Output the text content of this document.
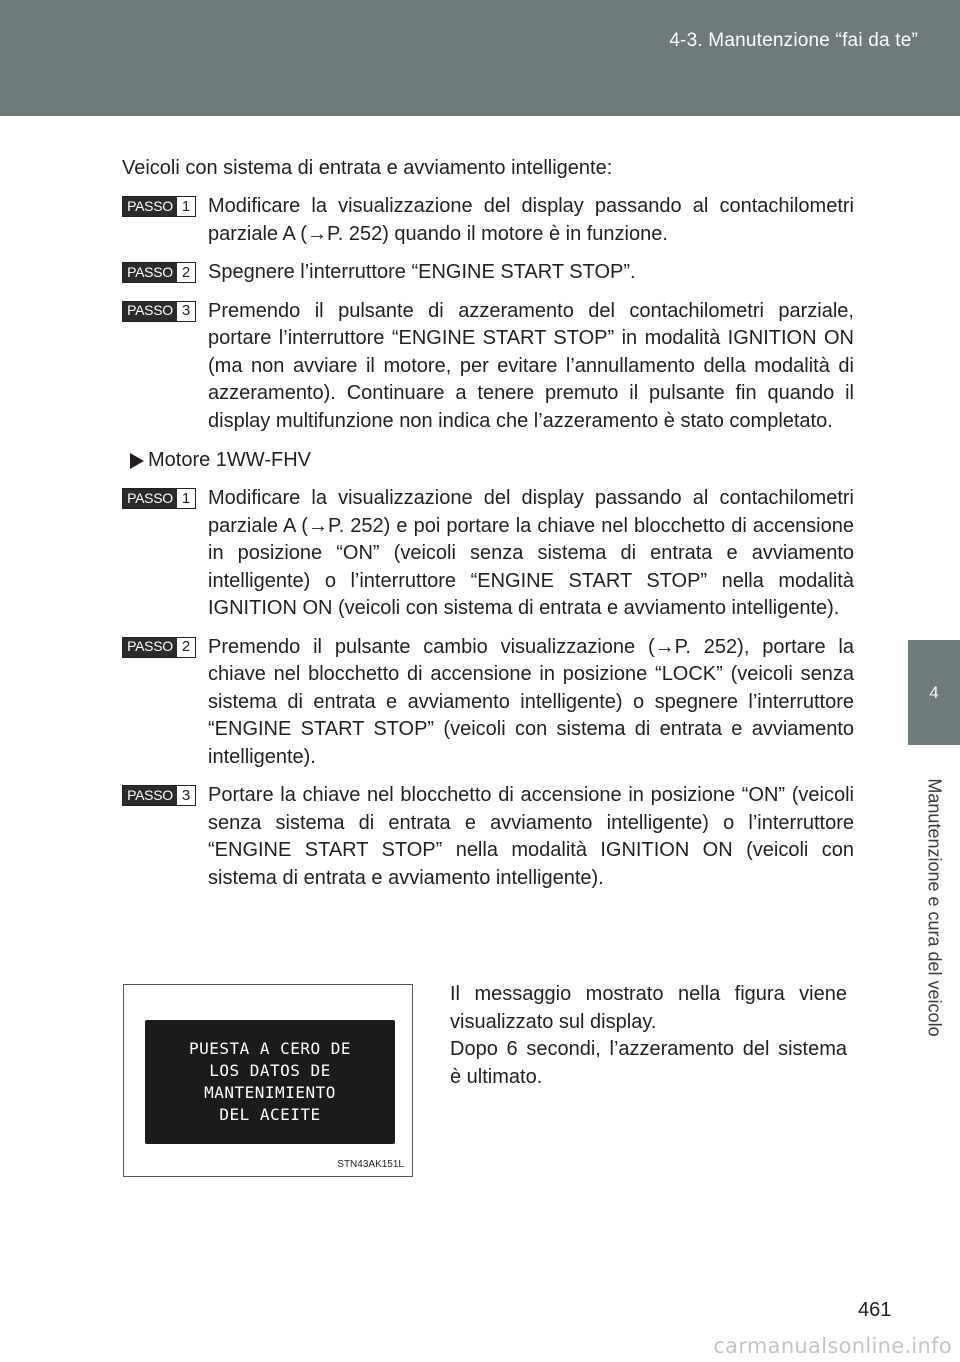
4-3. Manutenzione “fai da te”
4
Manutenzione e cura del veicolo

Veicoli con sistema di entrata e avviamento intelligente:

PASSO 1 Modificare la visualizzazione del display passando al contachilometri parziale A (→P. 252) quando il motore è in funzione.

PASSO 2 Spegnere l’interruttore “ENGINE START STOP”.

PASSO 3 Premendo il pulsante di azzeramento del contachilometri parziale, portare l’interruttore “ENGINE START STOP” in modalità IGNITION ON (ma non avviare il motore, per evitare l’annullamento della modalità di azzeramento). Continuare a tenere premuto il pulsante fin quando il display multifunzione non indica che l’azzeramento è stato completato.

Motore 1WW-FHV
PASSO 1 Modificare la visualizzazione del display passando al contachilometri parziale A (→P. 252) e poi portare la chiave nel blocchetto di accensione in posizione “ON” (veicoli senza sistema di entrata e avviamento intelligente) o l’interruttore “ENGINE START STOP” nella modalità IGNITION ON (veicoli con sistema di entrata e avviamento intelligente).

PASSO 2 Premendo il pulsante cambio visualizzazione (→P. 252), portare la chiave nel blocchetto di accensione in posizione “LOCK” (veicoli senza sistema di entrata e avviamento intelligente) o spegnere l’interruttore “ENGINE START STOP” (veicoli con sistema di entrata e avviamento intelligente).

PASSO 3 Portare la chiave nel blocchetto di accensione in posizione “ON” (veicoli senza sistema di entrata e avviamento intelligente) o l’interruttore “ENGINE START STOP” nella modalità IGNITION ON (veicoli con sistema di entrata e avviamento intelligente).

PUESTA A CERO DE
LOS DATOS DE
MANTENIMIENTO
DEL ACEITE
STN43AK151L

Il messaggio mostrato nella figura viene visualizzato sul display.

Dopo 6 secondi, l’azzeramento del sistema è ultimato.

461
carmanualsonline.info
